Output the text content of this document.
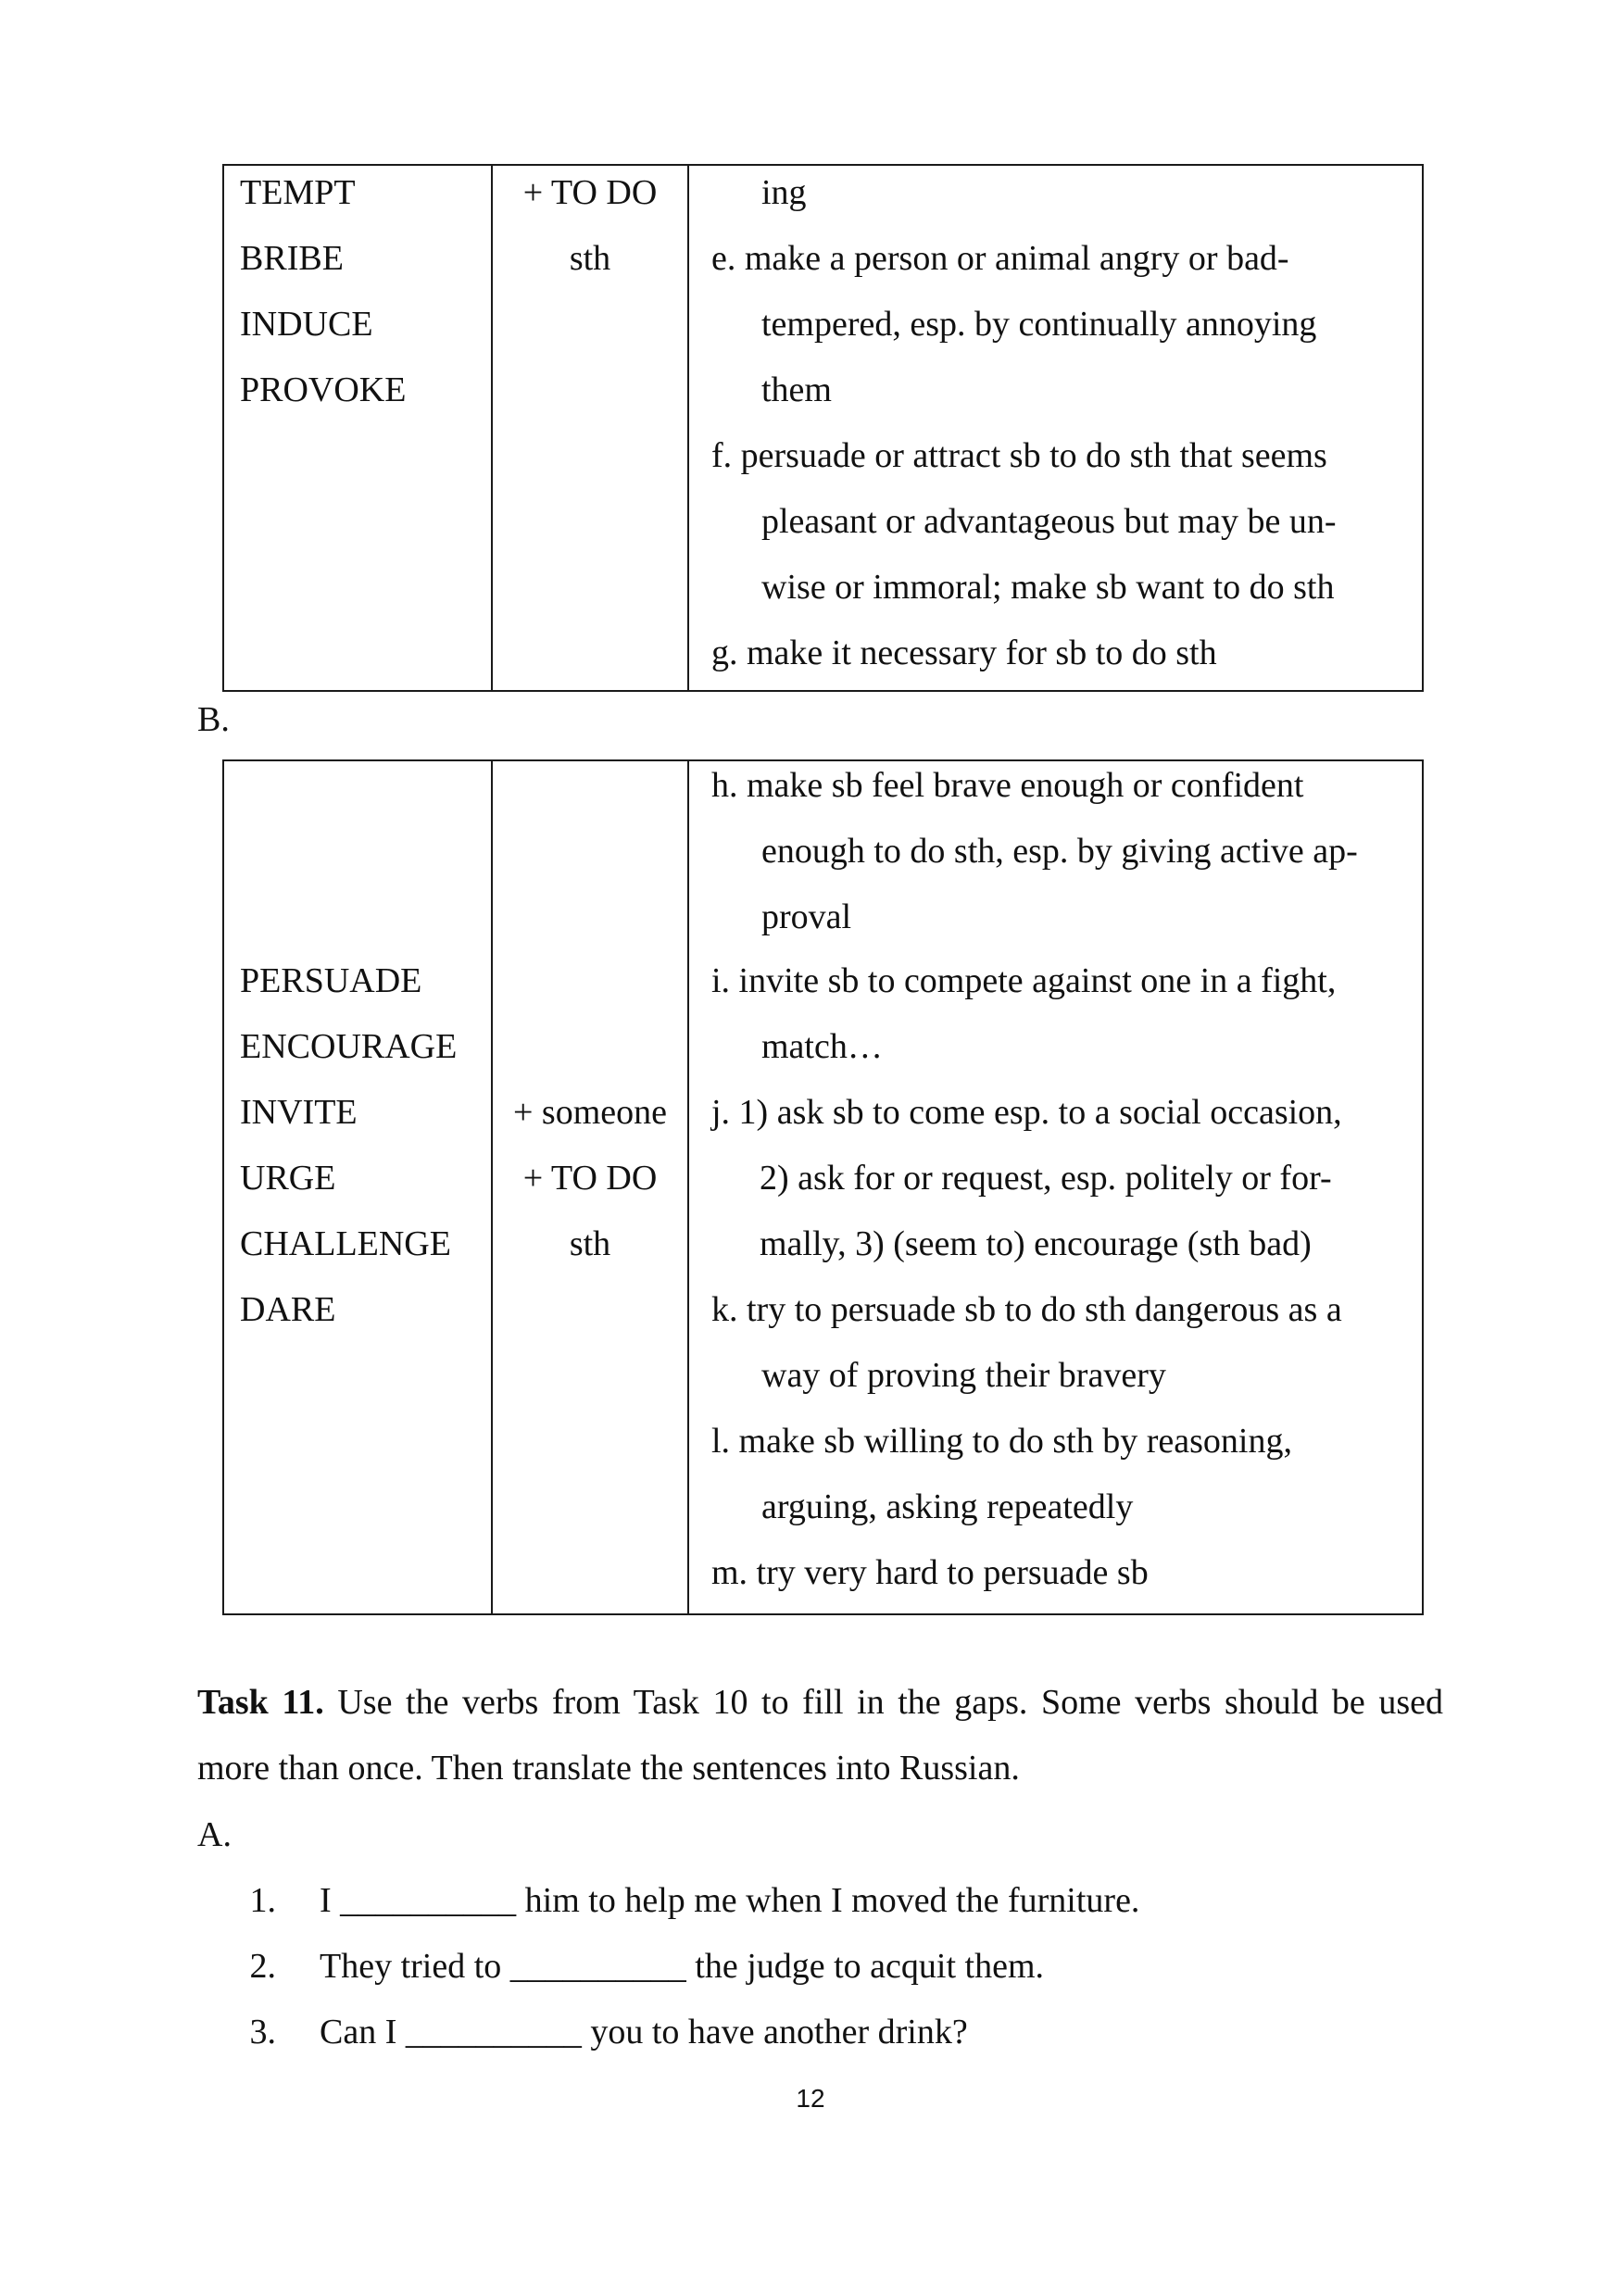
TEMPT
BRIBE
INDUCE
PROVOKE
+ TO DO
sth
ing
e. make a person or animal angry or bad-
tempered, esp. by continually annoying
them
f. persuade or attract sb to do sth that seems
pleasant or advantageous but may be un-
wise or immoral; make sb want to do sth
g. make it necessary for sb to do sth
B.
PERSUADE
ENCOURAGE
INVITE
URGE
CHALLENGE
DARE
+ someone
+ TO DO
sth
h. make sb feel brave enough or confident
enough to do sth, esp. by giving active ap-
proval
i. invite sb to compete against one in a fight,
match…
j. 1) ask sb to come esp. to a social occasion,
2) ask for or request, esp. politely or for-
mally, 3) (seem to) encourage (sth bad)
k. try to persuade sb to do sth dangerous as a
way of proving their bravery
l. make sb willing to do sth by reasoning,
arguing, asking repeatedly
m. try very hard to persuade sb
Task 11. Use the verbs from Task 10 to fill in the gaps. Some verbs should be used more than once. Then translate the sentences into Russian.
A.
1. I __________ him to help me when I moved the furniture.
2. They tried to __________ the judge to acquit them.
3. Can I __________ you to have another drink?
12
